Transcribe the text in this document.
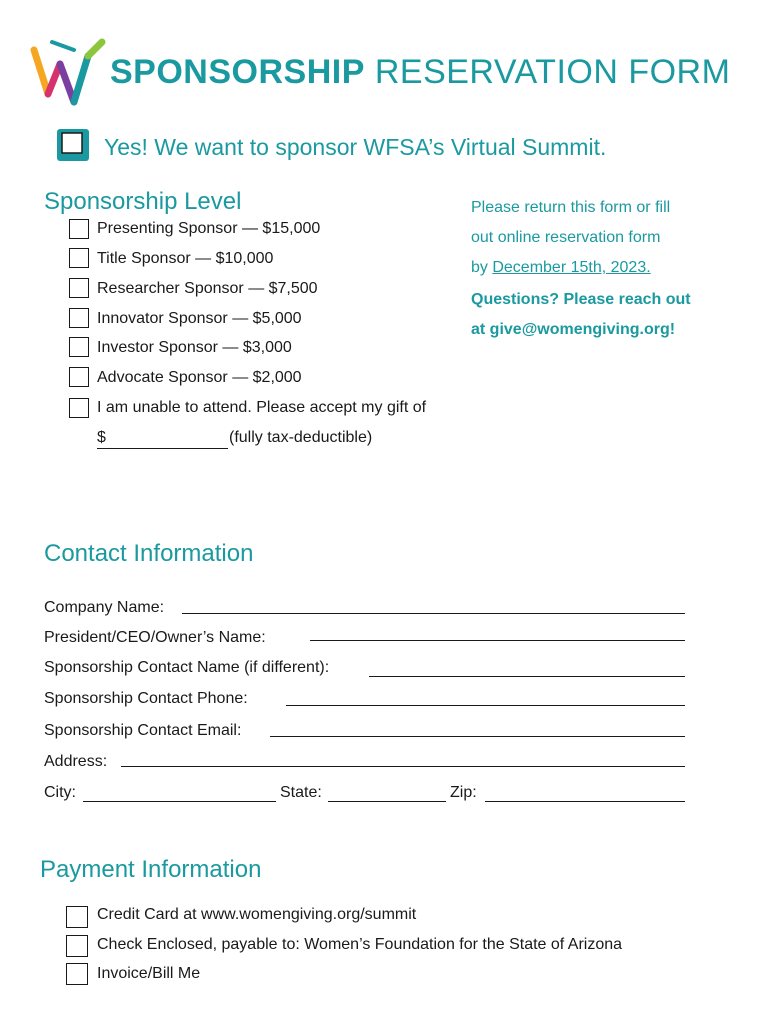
SPONSORSHIP RESERVATION FORM
Yes! We want to sponsor WFSA’s Virtual Summit.
Sponsorship Level
Presenting Sponsor — $15,000
Title Sponsor — $10,000
Researcher Sponsor — $7,500
Innovator Sponsor — $5,000
Investor Sponsor — $3,000
Advocate Sponsor — $2,000
I am unable to attend. Please accept my gift of
$	(fully tax-deductible)
Please return this form or fill
out online reservation form
by December 15th, 2023.
Questions? Please reach out
at give@womengiving.org!
Contact Information
Company Name:
President/CEO/Owner’s Name:
Sponsorship Contact Name (if different):
Sponsorship Contact Phone:
Sponsorship Contact Email:
Address:
City:	State:	Zip:
Payment Information
Credit Card at www.womengiving.org/summit
Check Enclosed, payable to: Women’s Foundation for the State of Arizona
Invoice/Bill Me
